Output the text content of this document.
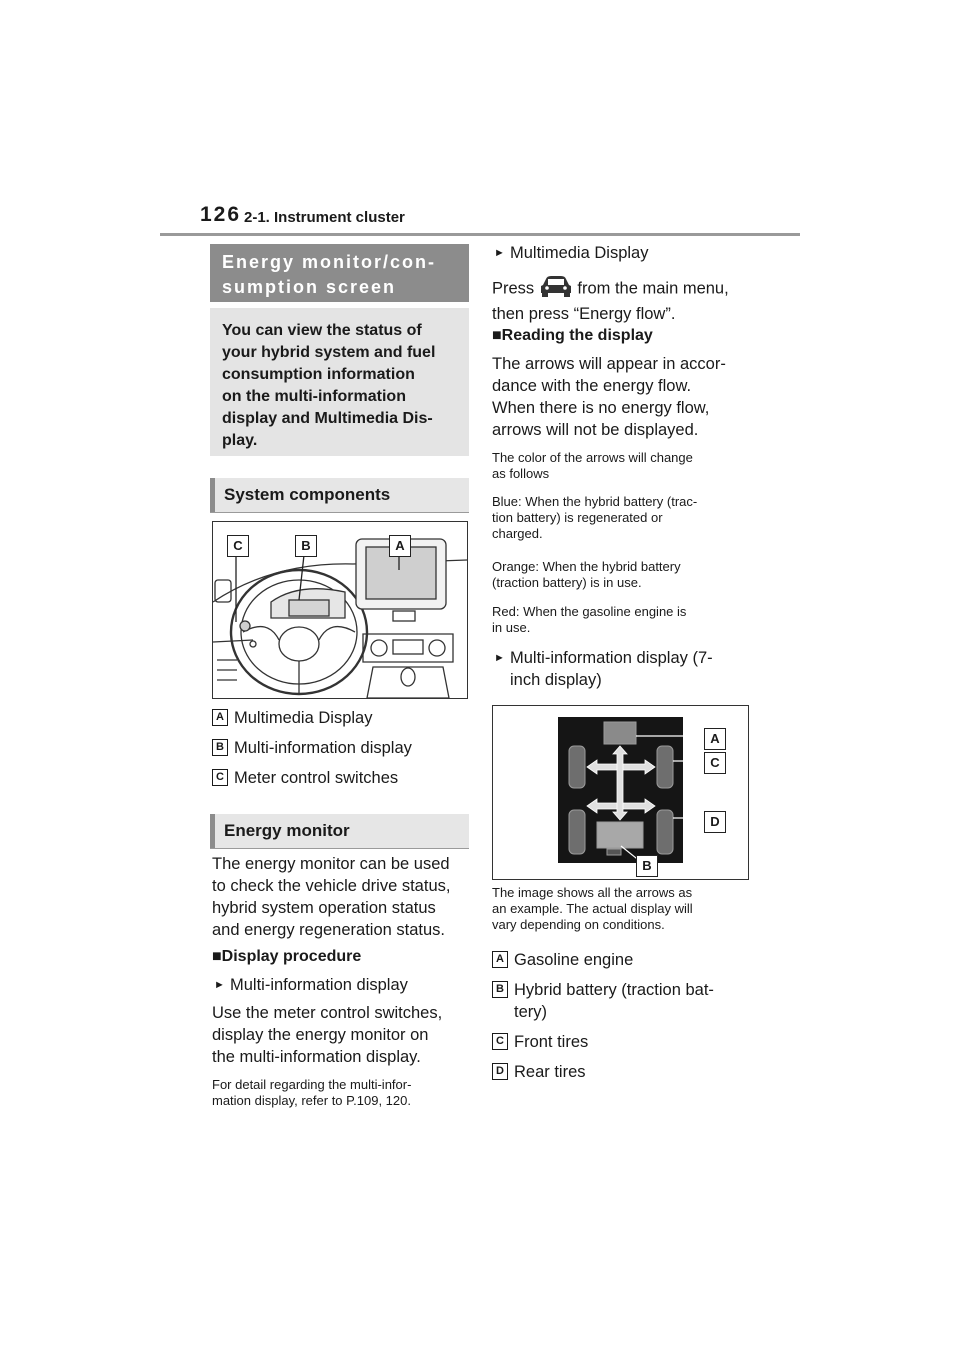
126 2-1. Instrument cluster
Energy monitor/con-
sumption screen
You can view the status of
your hybrid system and fuel
consumption information
on the multi-information
display and Multimedia Dis-
play.
System components
C	B	A
A Multimedia Display
B Multi-information display
C Meter control switches
Energy monitor
The energy monitor can be used
to check the vehicle drive status,
hybrid system operation status
and energy regeneration status.
■Display procedure
► Multi-information display
Use the meter control switches,
display the energy monitor on
the multi-information display.
For detail regarding the multi-infor-
mation display, refer to P.109, 120.
► Multimedia Display
Press	from the main menu,
then press “Energy flow”.
■Reading the display
The arrows will appear in accor-
dance with the energy flow.
When there is no energy flow,
arrows will not be displayed.
The color of the arrows will change
as follows
Blue: When the hybrid battery (trac-
tion battery) is regenerated or
charged.
Orange: When the hybrid battery
(traction battery) is in use.
Red: When the gasoline engine is
in use.
► Multi-information display (7-
inch display)
A
C
D
B
The image shows all the arrows as
an example. The actual display will
vary depending on conditions.
A Gasoline engine
B Hybrid battery (traction bat-
tery)
C Front tires
D Rear tires
